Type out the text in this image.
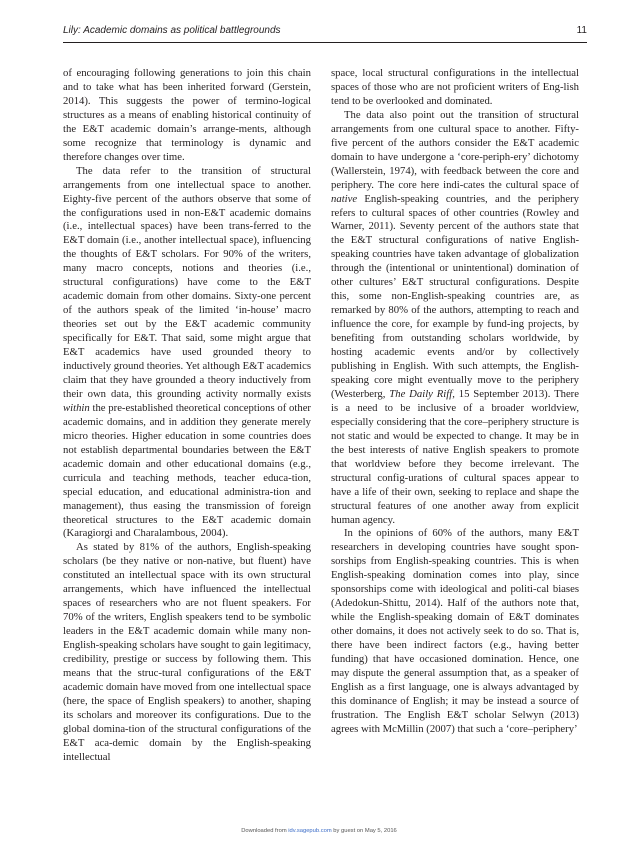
Lily: Academic domains as political battlegrounds	11

of encouraging following generations to join this chain and to take what has been inherited forward (Gerstein, 2014). This suggests the power of termino-logical structures as a means of enabling historical continuity of the E&T academic domain’s arrange-ments, although some recognize that terminology is dynamic and therefore changes over time.

The data refer to the transition of structural arrangements from one intellectual space to another. Eighty-five percent of the authors observe that some of the configurations used in non-E&T academic domains (i.e., intellectual spaces) have been trans-ferred to the E&T domain (i.e., another intellectual space), influencing the thoughts of E&T scholars. For 90% of the writers, many macro concepts, notions and theories (i.e., structural configurations) have come to the E&T academic domain from other domains. Sixty-one percent of the authors speak of the limited ‘in-house’ macro theories set out by the E&T academic community specifically for E&T. That said, some might argue that E&T academics have used grounded theory to inductively ground theories. Yet although E&T academics claim that they have grounded a theory inductively from their own data, this grounding activity normally exists within the pre-established theoretical conceptions of other academic domains, and in addition they generate merely micro theories. Higher education in some countries does not establish departmental boundaries between the E&T academic domain and other educational domains (e.g., curricula and teaching methods, teacher educa-tion, special education, and educational administra-tion and management), thus easing the transmission of foreign theoretical structures to the E&T academic domain (Karagiorgi and Charalambous, 2004).

As stated by 81% of the authors, English-speaking scholars (be they native or non-native, but fluent) have constituted an intellectual space with its own structural arrangements, which have influenced the intellectual spaces of researchers who are not fluent speakers. For 70% of the writers, English speakers tend to be symbolic leaders in the E&T academic domain while many non-English-speaking scholars have sought to gain legitimacy, credibility, prestige or success by following them. This means that the struc-tural configurations of the E&T academic domain have moved from one intellectual space (here, the space of English speakers) to another, shaping its scholars and moreover its configurations. Due to the global domina-tion of the structural configurations of the E&T aca-demic domain by the English-speaking intellectual

space, local structural configurations in the intellectual spaces of those who are not proficient writers of Eng-lish tend to be overlooked and dominated.

The data also point out the transition of structural arrangements from one cultural space to another. Fifty-five percent of the authors consider the E&T academic domain to have undergone a ‘core-periph-ery’ dichotomy (Wallerstein, 1974), with feedback between the core and periphery. The core here indi-cates the cultural space of native English-speaking countries, and the periphery refers to cultural spaces of other countries (Rowley and Warner, 2011). Seventy percent of the authors state that the E&T structural configurations of native English-speaking countries have taken advantage of globalization through the (intentional or unintentional) domination of other cultures’ E&T structural configurations. Despite this, some non-English-speaking countries are, as remarked by 80% of the authors, attempting to reach and influence the core, for example by fund-ing projects, by benefiting from outstanding scholars worldwide, by hosting academic events and/or by collectively publishing in English. With such attempts, the English-speaking core might eventually move to the periphery (Westerberg, The Daily Riff, 15 September 2013). There is a need to be inclusive of a broader worldview, especially considering that the core–periphery structure is not static and would be expected to change. It may be in the best interests of native English speakers to promote that worldview before they become irrelevant. The structural config-urations of cultural spaces appear to have a life of their own, seeking to replace and shape the structural features of one another away from explicit human agency.

In the opinions of 60% of the authors, many E&T researchers in developing countries have sought spon-sorships from English-speaking countries. This is when English-speaking domination comes into play, since sponsorships come with ideological and politi-cal biases (Adedokun-Shittu, 2014). Half of the authors note that, while the English-speaking domain of E&T dominates other domains, it does not actively seek to do so. That is, there have been indirect factors (e.g., having better funding) that have occasioned domination. Hence, one may dispute the general assumption that, as a speaker of English as a first language, one is always advantaged by this dominance of English; it may be instead a source of frustration. The English E&T scholar Selwyn (2013) agrees with McMillin (2007) that such a ‘core–periphery’

Downloaded from idv.sagepub.com by guest on May 5, 2016
